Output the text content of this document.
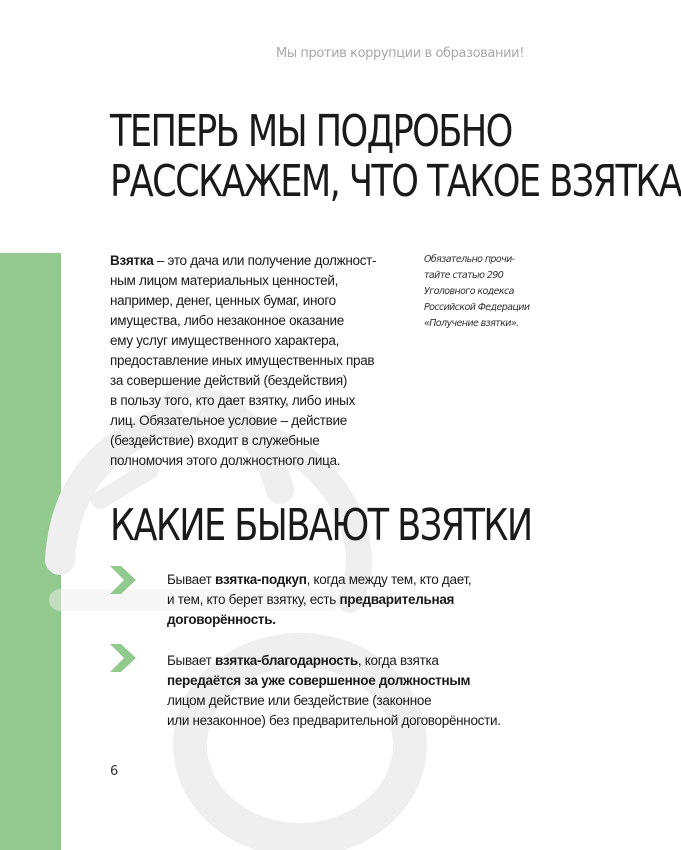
Мы против коррупции в образовании!
ТЕПЕРЬ МЫ ПОДРОБНО
РАССКАЖЕМ, ЧТО ТАКОЕ ВЗЯТКА

Взятка – это дача или получение должност-
ным лицом материальных ценностей,
например, денег, ценных бумаг, иного
имущества, либо незаконное оказание
ему услуг имущественного характера,
предоставление иных имущественных прав
за совершение действий (бездействия)
в пользу того, кто дает взятку, либо иных
лиц. Обязательное условие – действие
(бездействие) входит в служебные
полномочия этого должностного лица.

Обязательно прочи-
тайте статью 290
Уголовного кодекса
Российской Федерации
«Получение взятки».

КАКИЕ БЫВАЮТ ВЗЯТКИ

Бывает взятка-подкуп, когда между тем, кто дает,
и тем, кто берет взятку, есть предварительная
договорённость.

Бывает взятка-благодарность, когда взятка
передаётся за уже совершенное должностным
лицом действие или бездействие (законное
или незаконное) без предварительной договорённости.

6
